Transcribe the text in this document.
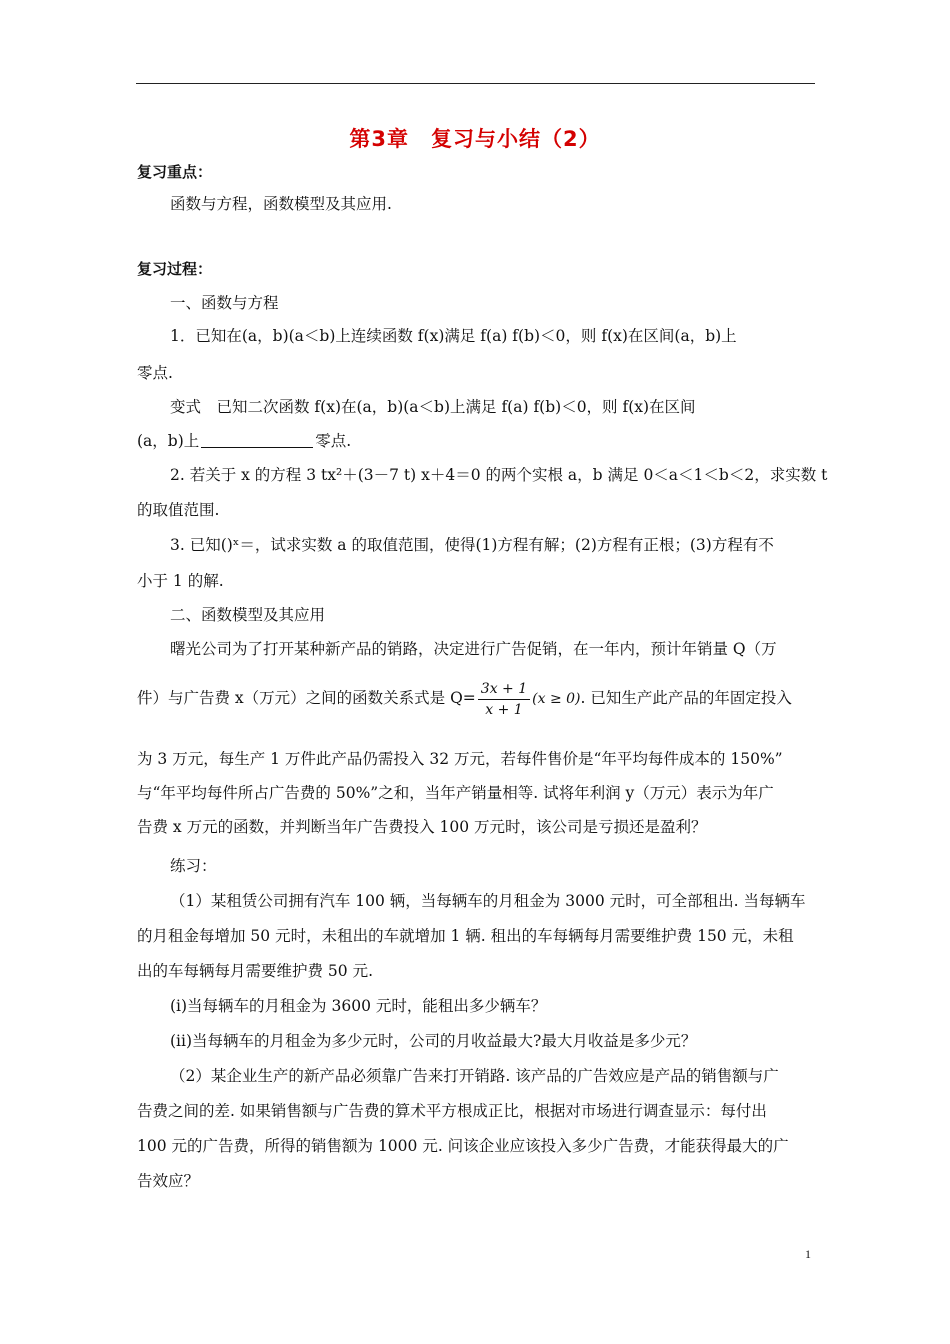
第3章　复习与小结（2）
复习重点：
函数与方程，函数模型及其应用.
复习过程：
一、函数与方程
1．已知在(a，b)(a＜b)上连续函数 f(x)满足 f(a) f(b)＜0，则 f(x)在区间(a，b)上
零点.
变式　已知二次函数 f(x)在(a，b)(a＜b)上满足 f(a) f(b)＜0，则 f(x)在区间
(a，b)上	零点.
2. 若关于 x 的方程 3 tx²＋(3－7 t) x＋4＝0 的两个实根 a，b 满足 0＜a＜1＜b＜2，求实数 t
的取值范围.
3. 已知()ˣ＝，试求实数 a 的取值范围，使得(1)方程有解；(2)方程有正根；(3)方程有不
小于 1 的解.
二、函数模型及其应用
曙光公司为了打开某种新产品的销路，决定进行广告促销，在一年内，预计年销量 Q（万
件）与广告费 x（万元）之间的函数关系式是 $Q= \frac{3x + 1}{x + 1} (x \ge 0)$. 已知生产此产品的年固定投入
为 3 万元，每生产 1 万件此产品仍需投入 32 万元，若每件售价是“年平均每件成本的 150%”
与“年平均每件所占广告费的 50%”之和，当年产销量相等. 试将年利润 y（万元）表示为年广
告费 x 万元的函数，并判断当年广告费投入 100 万元时，该公司是亏损还是盈利？
练习：
（1）某租赁公司拥有汽车 100 辆，当每辆车的月租金为 3000 元时，可全部租出. 当每辆车
的月租金每增加 50 元时，未租出的车就增加 1 辆. 租出的车每辆每月需要维护费 150 元，未租
出的车每辆每月需要维护费 50 元.
(i)当每辆车的月租金为 3600 元时，能租出多少辆车？
(ii)当每辆车的月租金为多少元时，公司的月收益最大?最大月收益是多少元？
（2）某企业生产的新产品必须靠广告来打开销路. 该产品的广告效应是产品的销售额与广
告费之间的差. 如果销售额与广告费的算术平方根成正比，根据对市场进行调查显示：每付出
100 元的广告费，所得的销售额为 1000 元. 问该企业应该投入多少广告费，才能获得最大的广
告效应？
1
